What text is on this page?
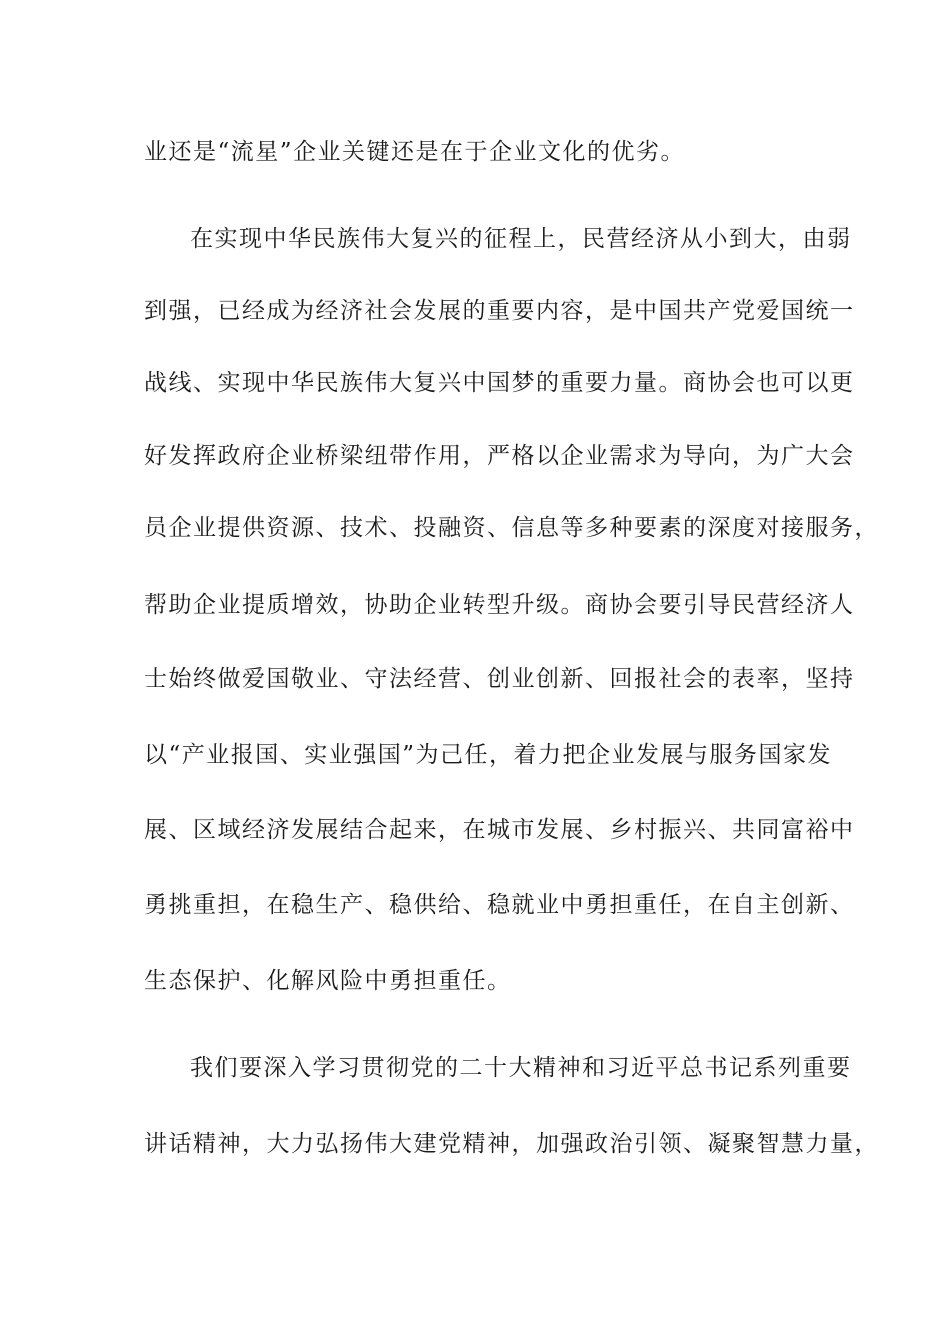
业还是“流星”企业关键还是在于企业文化的优劣。
在实现中华民族伟大复兴的征程上，民营经济从小到大，由弱
到强，已经成为经济社会发展的重要内容，是中国共产党爱国统一
战线、实现中华民族伟大复兴中国梦的重要力量。商协会也可以更
好发挥政府企业桥梁纽带作用，严格以企业需求为导向，为广大会
员企业提供资源、技术、投融资、信息等多种要素的深度对接服务，
帮助企业提质增效，协助企业转型升级。商协会要引导民营经济人
士始终做爱国敬业、守法经营、创业创新、回报社会的表率，坚持
以“产业报国、实业强国”为己任，着力把企业发展与服务国家发
展、区域经济发展结合起来，在城市发展、乡村振兴、共同富裕中
勇挑重担，在稳生产、稳供给、稳就业中勇担重任，在自主创新、
生态保护、化解风险中勇担重任。
我们要深入学习贯彻党的二十大精神和习近平总书记系列重要
讲话精神，大力弘扬伟大建党精神，加强政治引领、凝聚智慧力量，
